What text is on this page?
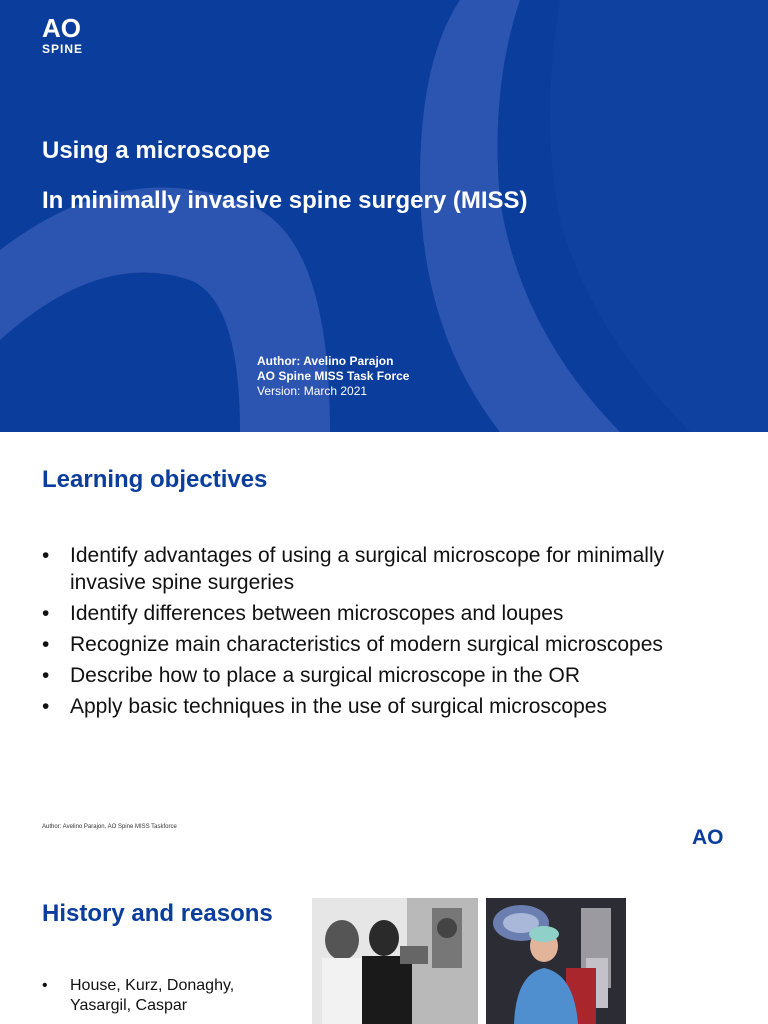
AO
SPINE
Using a microscope
In minimally invasive spine surgery (MISS)
Author: Avelino Parajon
AO Spine MISS Task Force
Version: March 2021
Learning objectives
• Identify advantages of using a surgical microscope for minimally invasive spine surgeries
• Identify differences between microscopes and loupes
• Recognize main characteristics of modern surgical microscopes
• Describe how to place a surgical microscope in the OR
• Apply basic techniques in the use of surgical microscopes
Author: Avelino Parajon, AO Spine MISS Taskforce	AO
History and reasons
• House, Kurz, Donaghy, Yasargil, Caspar
